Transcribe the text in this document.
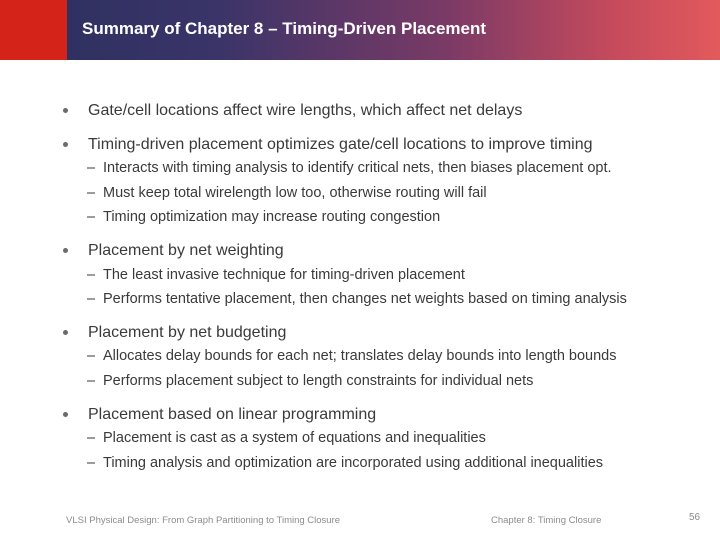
Summary of Chapter 8 – Timing-Driven Placement
Gate/cell locations affect wire lengths, which affect net delays
Timing-driven placement optimizes gate/cell locations to improve timing
– Interacts with timing analysis to identify critical nets, then biases placement opt.
– Must keep total wirelength low too, otherwise routing will fail
– Timing optimization may increase routing congestion
Placement by net weighting
– The least invasive technique for timing-driven placement
– Performs tentative placement, then changes net weights based on timing analysis
Placement by net budgeting
– Allocates delay bounds for each net; translates delay bounds into length bounds
– Performs placement subject to length constraints for individual nets
Placement based on linear programming
– Placement is cast as a system of equations and inequalities
– Timing analysis and optimization are incorporated using additional inequalities
VLSI Physical Design: From Graph Partitioning to Timing Closure	Chapter 8: Timing Closure	56
